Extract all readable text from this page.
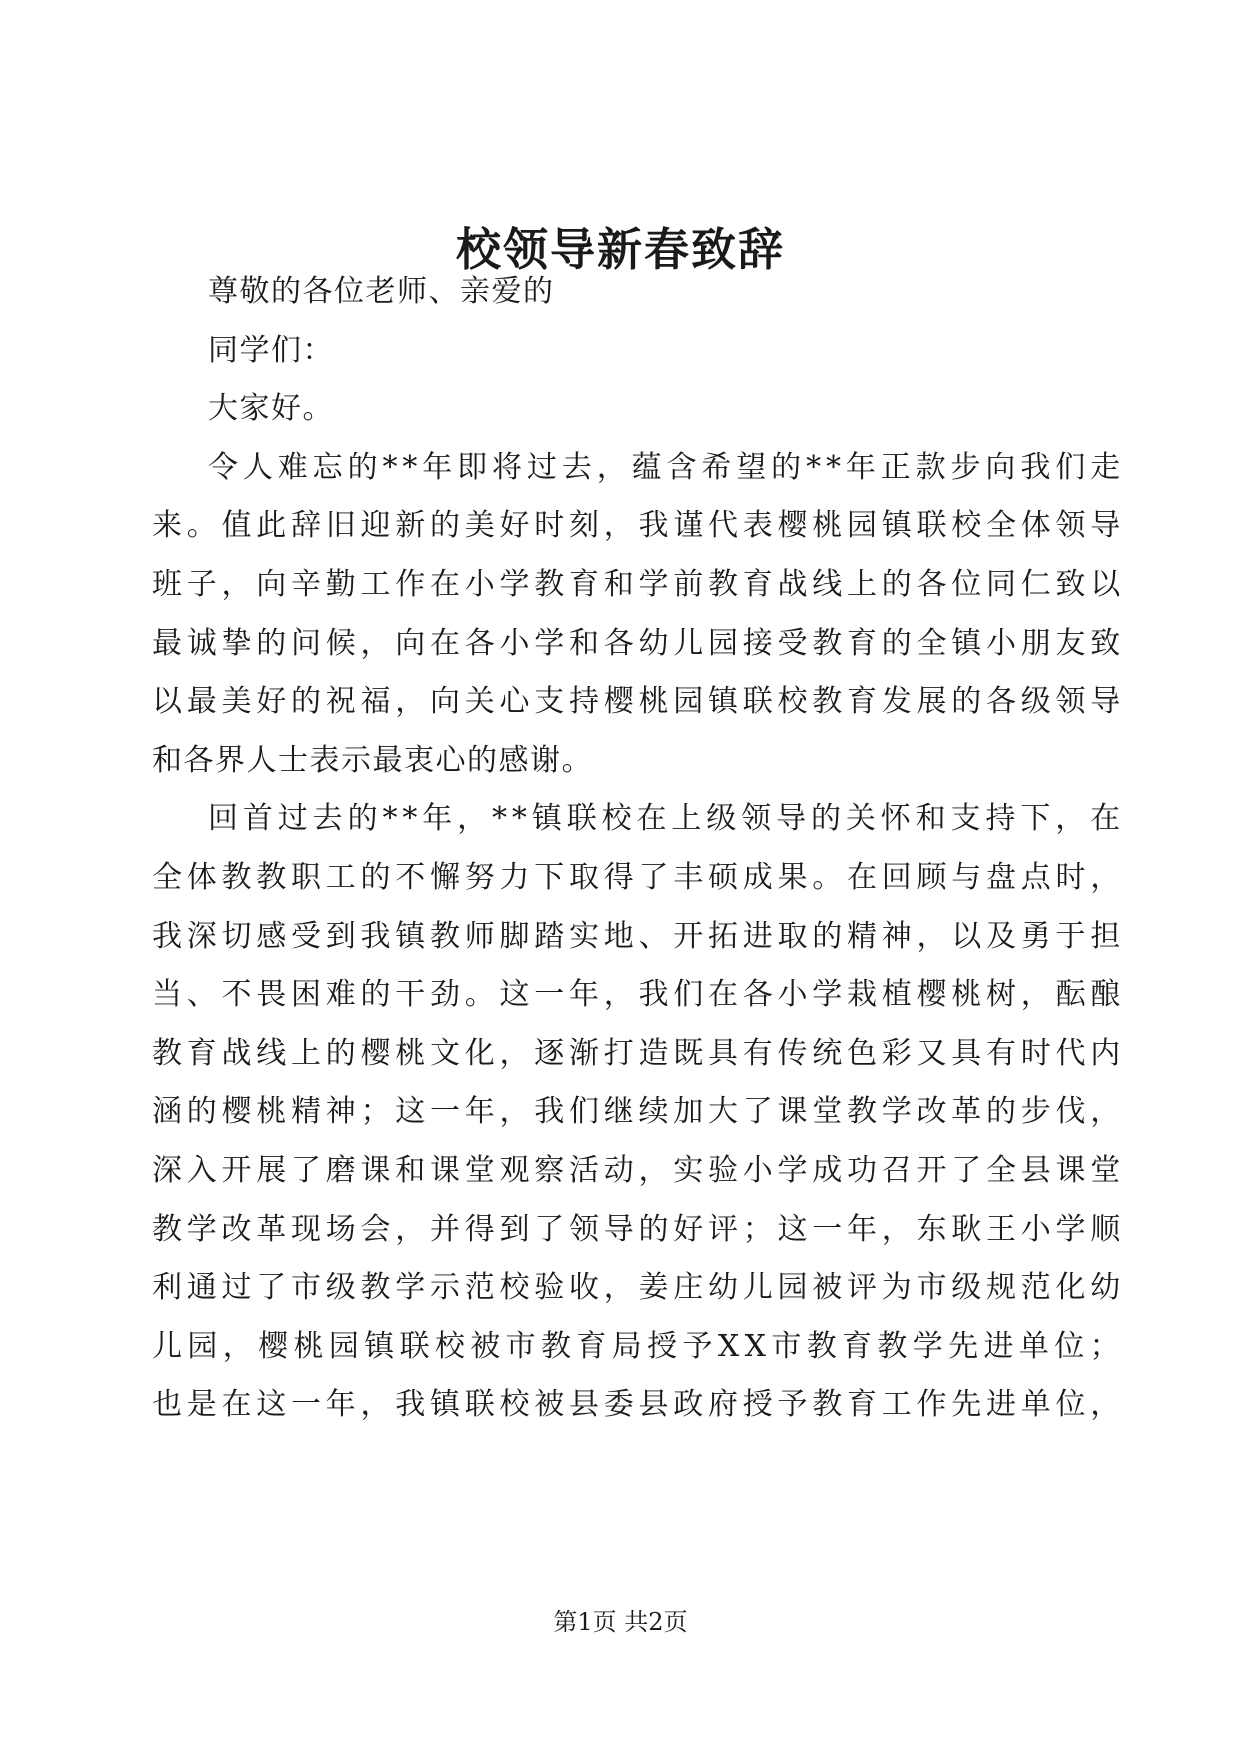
校领导新春致辞
尊敬的各位老师、亲爱的
同学们：
大家好。
令人难忘的**年即将过去，蕴含希望的**年正款步向我们走
来。值此辞旧迎新的美好时刻，我谨代表樱桃园镇联校全体领导
班子，向辛勤工作在小学教育和学前教育战线上的各位同仁致以
最诚挚的问候，向在各小学和各幼儿园接受教育的全镇小朋友致
以最美好的祝福，向关心支持樱桃园镇联校教育发展的各级领导
和各界人士表示最衷心的感谢。
回首过去的**年，**镇联校在上级领导的关怀和支持下，在
全体教教职工的不懈努力下取得了丰硕成果。在回顾与盘点时，
我深切感受到我镇教师脚踏实地、开拓进取的精神，以及勇于担
当、不畏困难的干劲。这一年，我们在各小学栽植樱桃树，酝酿
教育战线上的樱桃文化，逐渐打造既具有传统色彩又具有时代内
涵的樱桃精神；这一年，我们继续加大了课堂教学改革的步伐，
深入开展了磨课和课堂观察活动，实验小学成功召开了全县课堂
教学改革现场会，并得到了领导的好评；这一年，东耿王小学顺
利通过了市级教学示范校验收，姜庄幼儿园被评为市级规范化幼
儿园，樱桃园镇联校被市教育局授予XX市教育教学先进单位；
也是在这一年，我镇联校被县委县政府授予教育工作先进单位，
第1页 共2页
